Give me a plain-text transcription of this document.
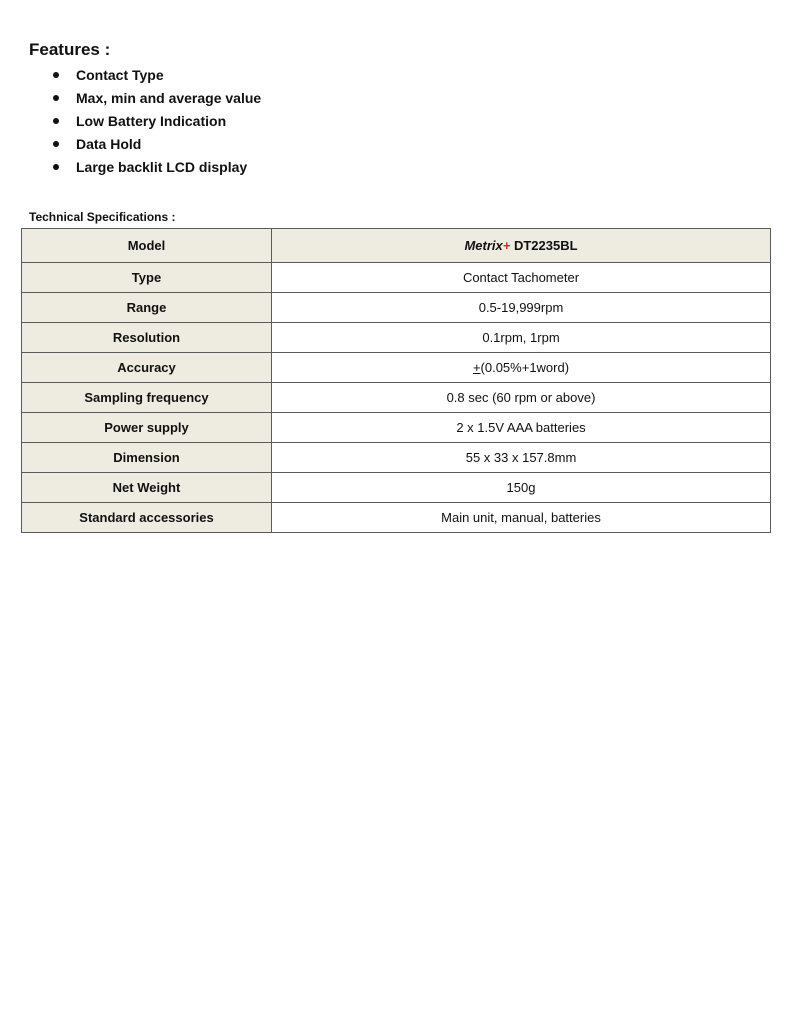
Features :
Contact Type
Max, min and average value
Low Battery Indication
Data Hold
Large backlit LCD display
Technical Specifications :
Model	Metrix+ DT2235BL
Type	Contact Tachometer
Range	0.5-19,999rpm
Resolution	0.1rpm, 1rpm
Accuracy	+(0.05%+1word)
Sampling frequency	0.8 sec (60 rpm or above)
Power supply	2 x 1.5V AAA batteries
Dimension	55 x 33 x 157.8mm
Net Weight	150g
Standard accessories	Main unit, manual, batteries
